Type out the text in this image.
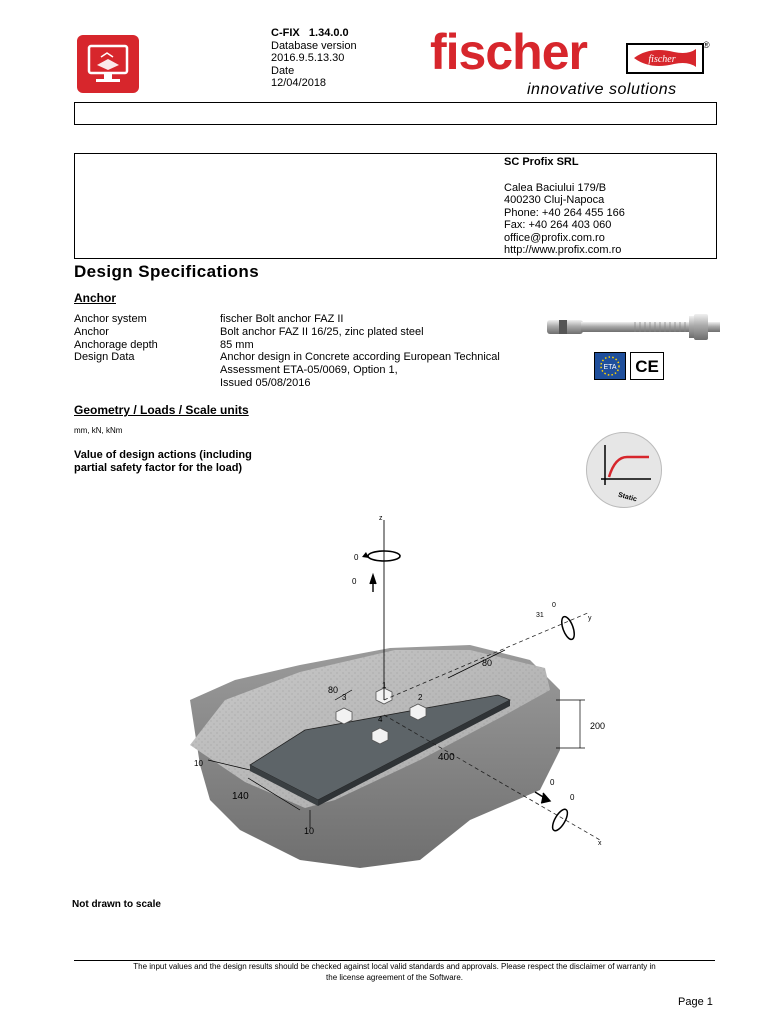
C-FIX 1.34.0.0
Database version
2016.9.5.13.30
Date
12/04/2018
fischer	fischer
®
innovative solutions
SC Profix SRL
Calea Baciului 179/B
400230 Cluj-Napoca
Phone: +40 264 455 166
Fax: +40 264 403 060
office@profix.com.ro
http://www.profix.com.ro
Design Specifications
Anchor
Anchor system	fischer Bolt anchor FAZ II
Anchor	Bolt anchor FAZ II 16/25, zinc plated steel
Anchorage depth	85 mm
Design Data	Anchor design in Concrete according European Technical
Assessment ETA-05/0069, Option 1,
Issued 05/08/2016
ETA CE
Geometry / Loads / Scale units
mm, kN, kNm
Value of design actions (including
partial safety factor for the load)
Static
z
0
0
y
31
0
x
0
0
80
80
200
400
140
10
10
1
2
3
4
Not drawn to scale
The input values and the design results should be checked against local valid standards and approvals. Please respect the disclaimer of warranty in
the license agreement of the Software.
Page 1
